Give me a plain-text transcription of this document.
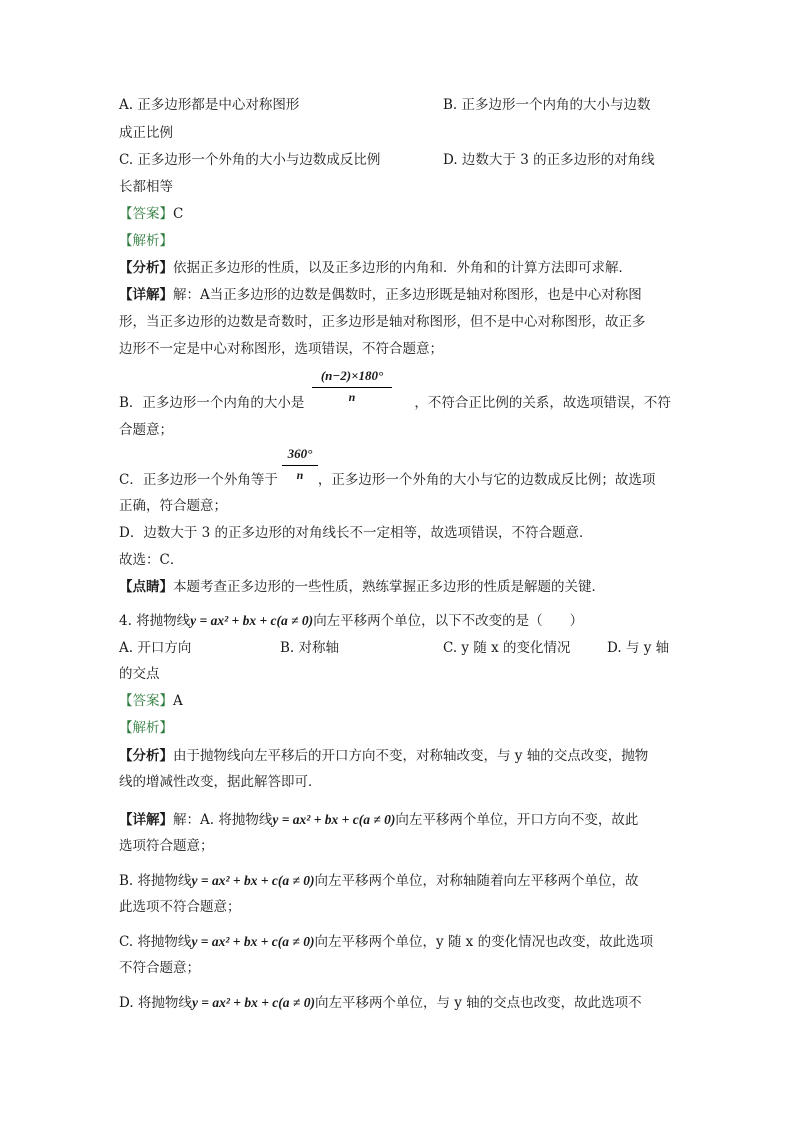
A. 正多边形都是中心对称图形	B. 正多边形一个内角的大小与边数
成正比例
C. 正多边形一个外角的大小与边数成反比例	D. 边数大于 3 的正多边形的对角线
长都相等
【答案】C
【解析】
【分析】依据正多边形的性质，以及正多边形的内角和．外角和的计算方法即可求解．
【详解】解：A当正多边形的边数是偶数时，正多边形既是轴对称图形，也是中心对称图
形，当正多边形的边数是奇数时，正多边形是轴对称图形，但不是中心对称图形，故正多
边形不一定是中心对称图形，选项错误，不符合题意；
B．正多边形一个内角的大小是	，不符合正比例的关系，故选项错误，不符
(n−2)×180°
n
合题意；
C．正多边形一个外角等于	，正多边形一个外角的大小与它的边数成反比例；故选项
360°
n
正确，符合题意；
D．边数大于 3 的正多边形的对角线长不一定相等，故选项错误，不符合题意．
故选：C．
【点睛】本题考查正多边形的一些性质，熟练掌握正多边形的性质是解题的关键．
4. 将抛物线y = ax² + bx + c(a ≠ 0)向左平移两个单位，以下不改变的是（　　）
A. 开口方向	B. 对称轴	C. y 随 x 的变化情况	D. 与 y 轴
的交点
【答案】A
【解析】
【分析】由于抛物线向左平移后的开口方向不变，对称轴改变，与 y 轴的交点改变，抛物
线的增减性改变，据此解答即可．
【详解】解：A. 将抛物线y = ax² + bx + c(a ≠ 0)向左平移两个单位，开口方向不变，故此
选项符合题意；
B. 将抛物线y = ax² + bx + c(a ≠ 0)向左平移两个单位，对称轴随着向左平移两个单位，故
此选项不符合题意；
C. 将抛物线y = ax² + bx + c(a ≠ 0)向左平移两个单位，y 随 x 的变化情况也改变，故此选项
不符合题意；
D. 将抛物线y = ax² + bx + c(a ≠ 0)向左平移两个单位，与 y 轴的交点也改变，故此选项不
